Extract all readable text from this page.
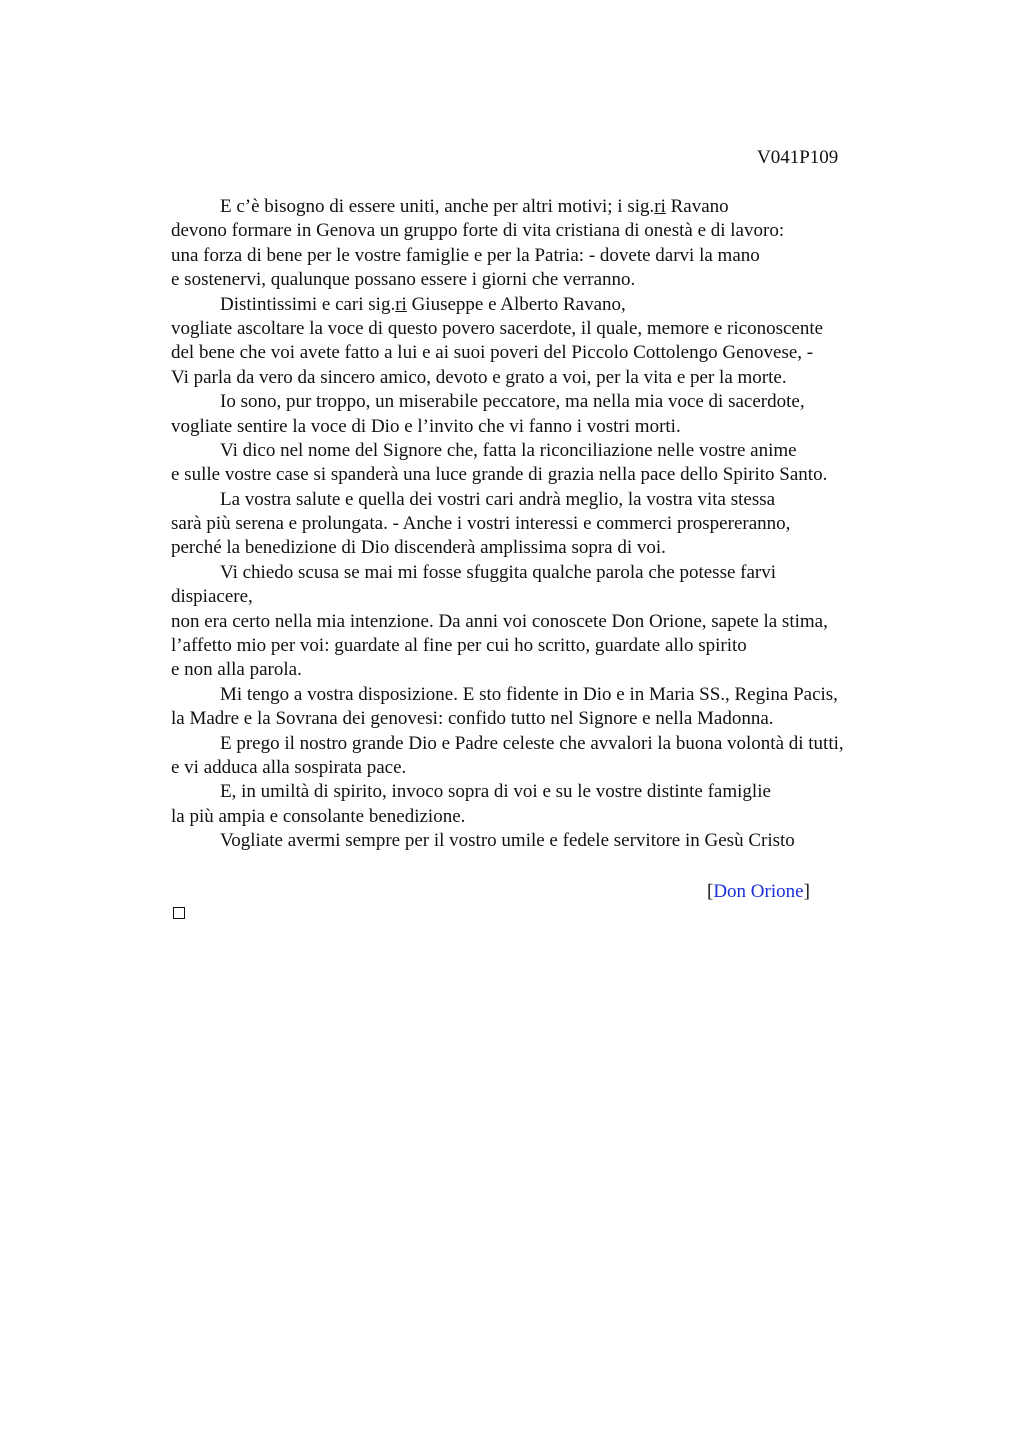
V041P109
E c’è bisogno di essere uniti, anche per altri motivi; i sig.ri Ravano
devono formare in Genova un gruppo forte di vita cristiana di onestà e di lavoro:
una forza di bene per le vostre famiglie e per la Patria: - dovete darvi la mano
e sostenervi, qualunque possano essere i giorni che verranno.
Distintissimi e cari sig.ri Giuseppe e Alberto Ravano,
vogliate ascoltare la voce di questo povero sacerdote, il quale, memore e riconoscente
del bene che voi avete fatto a lui e ai suoi poveri del Piccolo Cottolengo Genovese, -
Vi parla da vero da sincero amico, devoto e grato a voi, per la vita e per la morte.
Io sono, pur troppo, un miserabile peccatore, ma nella mia voce di sacerdote,
vogliate sentire la voce di Dio e l’invito che vi fanno i vostri morti.
Vi dico nel nome del Signore che, fatta la riconciliazione nelle vostre anime
e sulle vostre case si spanderà una luce grande di grazia nella pace dello Spirito Santo.
La vostra salute e quella dei vostri cari andrà meglio, la vostra vita stessa
sarà più serena e prolungata. - Anche i vostri interessi e commerci prospereranno,
perché la benedizione di Dio discenderà amplissima sopra di voi.
Vi chiedo scusa se mai mi fosse sfuggita qualche parola che potesse farvi
dispiacere,
non era certo nella mia intenzione. Da anni voi conoscete Don Orione, sapete la stima,
l’affetto mio per voi: guardate al fine per cui ho scritto, guardate allo spirito
e non alla parola.
Mi tengo a vostra disposizione. E sto fidente in Dio e in Maria SS., Regina Pacis,
la Madre e la Sovrana dei genovesi: confido tutto nel Signore e nella Madonna.
E prego il nostro grande Dio e Padre celeste che avvalori la buona volontà di tutti,
e vi adduca alla sospirata pace.
E, in umiltà di spirito, invoco sopra di voi e su le vostre distinte famiglie
la più ampia e consolante benedizione.
Vogliate avermi sempre per il vostro umile e fedele servitore in Gesù Cristo
[Don Orione]
